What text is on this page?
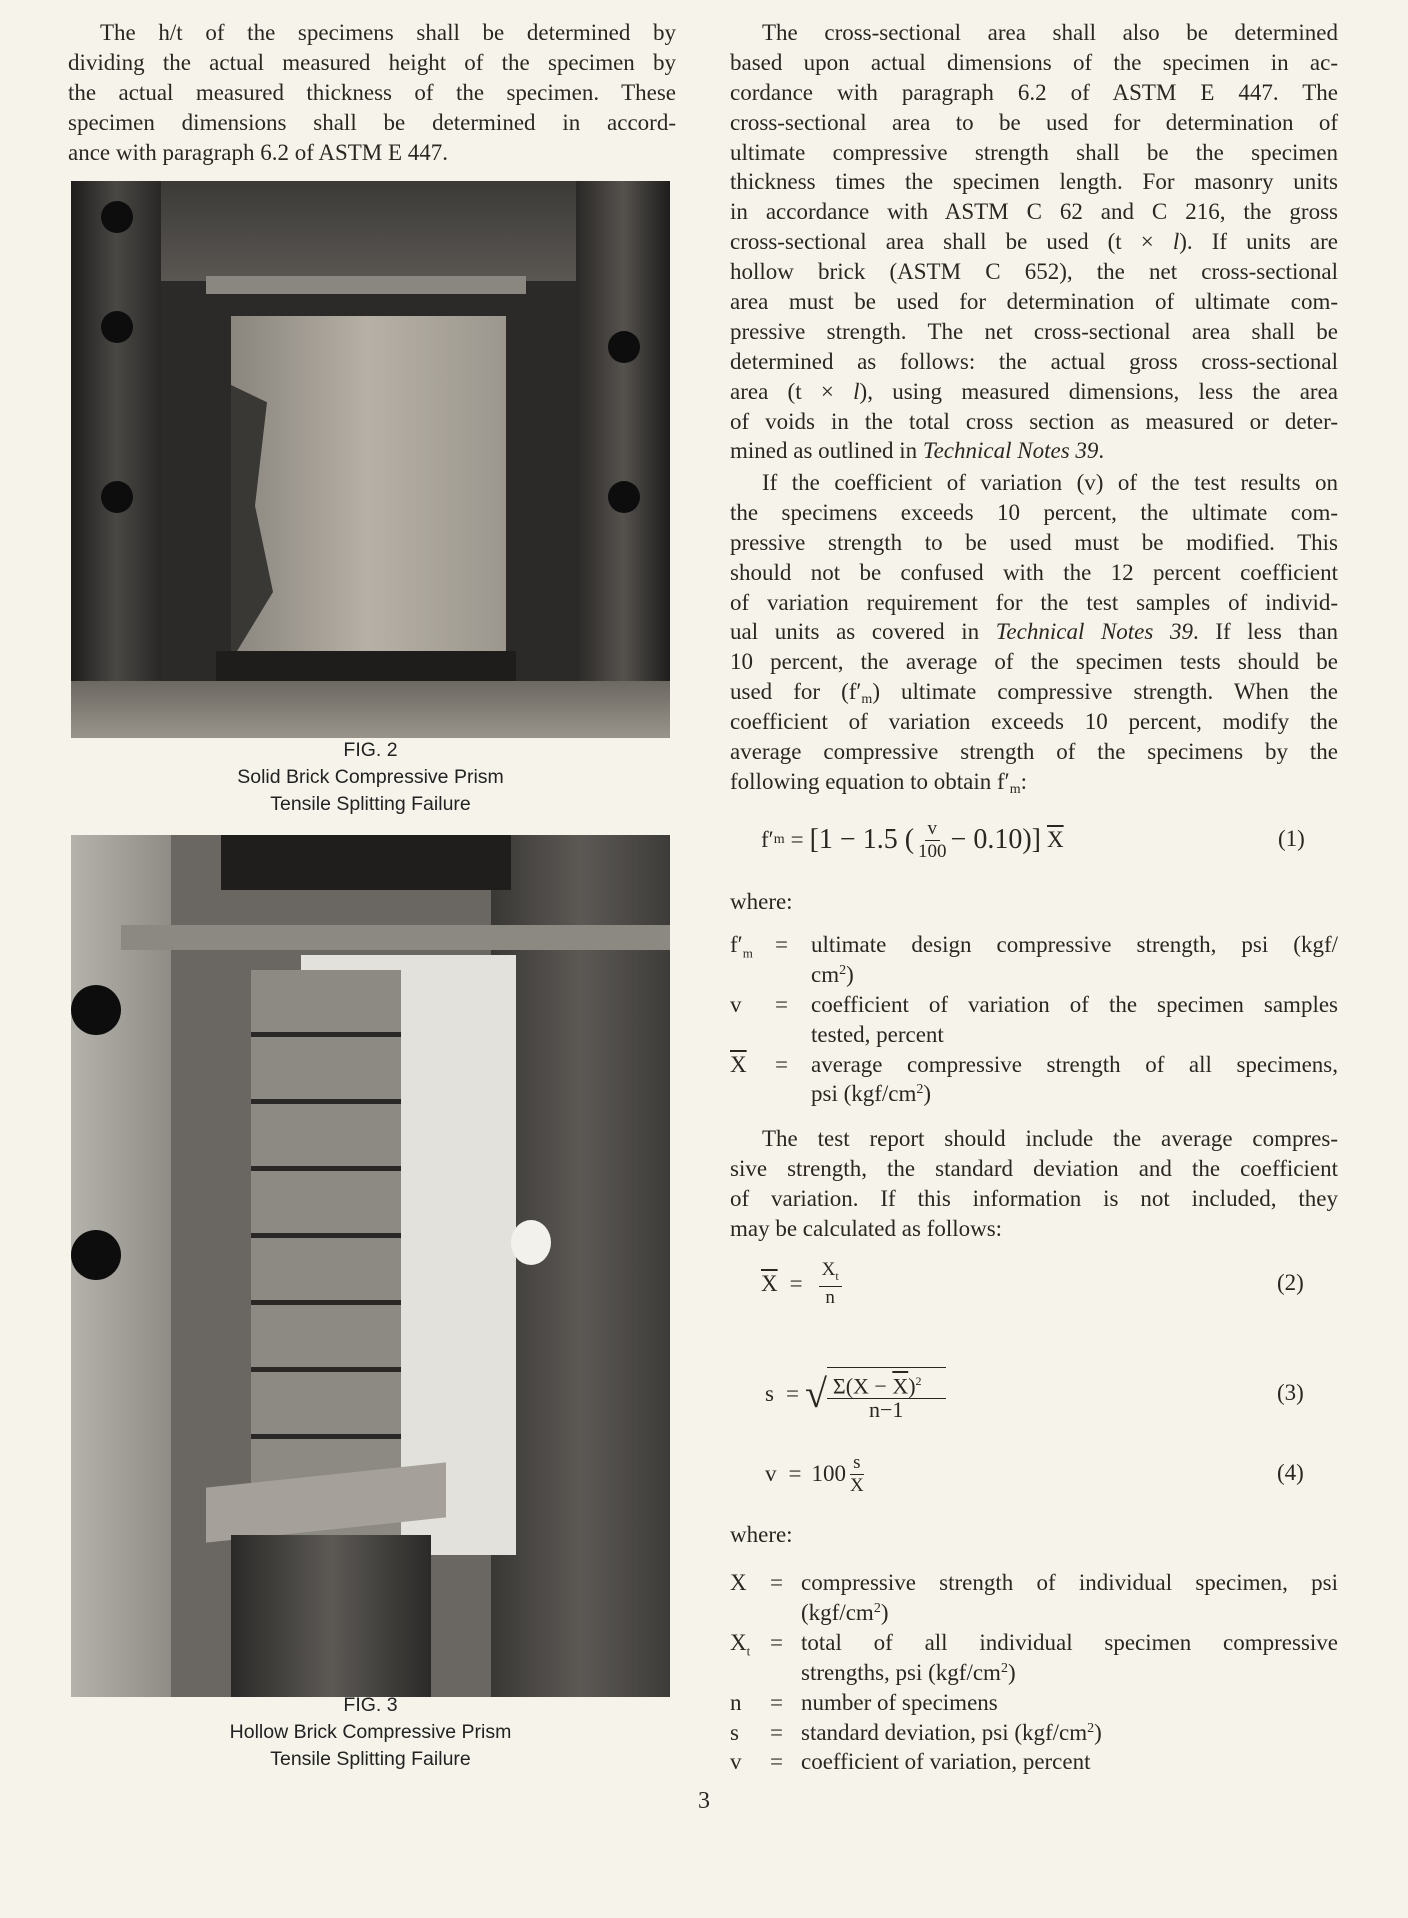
The h/t of the specimens shall be determined by
dividing the actual measured height of the specimen by
the actual measured thickness of the specimen. These
specimen dimensions shall be determined in accord-
ance with paragraph 6.2 of ASTM E 447.
FIG. 2
Solid Brick Compressive Prism
Tensile Splitting Failure
FIG. 3
Hollow Brick Compressive Prism
Tensile Splitting Failure
3
The cross-sectional area shall also be determined
based upon actual dimensions of the specimen in ac-
cordance with paragraph 6.2 of ASTM E 447. The
cross-sectional area to be used for determination of
ultimate compressive strength shall be the specimen
thickness times the specimen length. For masonry units
in accordance with ASTM C 62 and C 216, the gross
cross-sectional area shall be used (t × l). If units are
hollow brick (ASTM C 652), the net cross-sectional
area must be used for determination of ultimate com-
pressive strength. The net cross-sectional area shall be
determined as follows: the actual gross cross-sectional
area (t × l), using measured dimensions, less the area
of voids in the total cross section as measured or deter-
mined as outlined in Technical Notes 39.
If the coefficient of variation (v) of the test results on
the specimens exceeds 10 percent, the ultimate com-
pressive strength to be used must be modified. This
should not be confused with the 12 percent coefficient
of variation requirement for the test samples of individ-
ual units as covered in Technical Notes 39. If less than
10 percent, the average of the specimen tests should be
used for $(f'_m)$ ultimate compressive strength. When the
coefficient of variation exceeds 10 percent, modify the
average compressive strength of the specimens by the
following equation to obtain $f'_m$:
f′ m = [1 − 1.5 ( $\frac{v}{100} - 0.10$)] $\overline{X}$	(1)
where:
$f'_m$ = ultimate design compressive strength, psi (kgf/
$cm^2$)
v = coefficient of variation of the specimen samples
tested, percent
$\overline{X}$ = average compressive strength of all specimens,
psi $(kgf/cm^2)$
The test report should include the average compres-
sive strength, the standard deviation and the coefficient
of variation. If this information is not included, they
may be calculated as follows:
$\overline{X} = \frac{X_t}{n}$	(2)
s = √ $\frac{\Sigma(X - \overline{X})^2}{n-1}$	(3)
$v = 100 \frac{s}{X}$	(4)
where:
X = compressive strength of individual specimen, psi
$(kgf/cm^2)$
$X_t$ = total of all individual specimen compressive
strengths, psi $(kgf/cm^2)$
n = number of specimens
s = standard deviation, psi $(kgf/cm^2)$
v = coefficient of variation, percent
